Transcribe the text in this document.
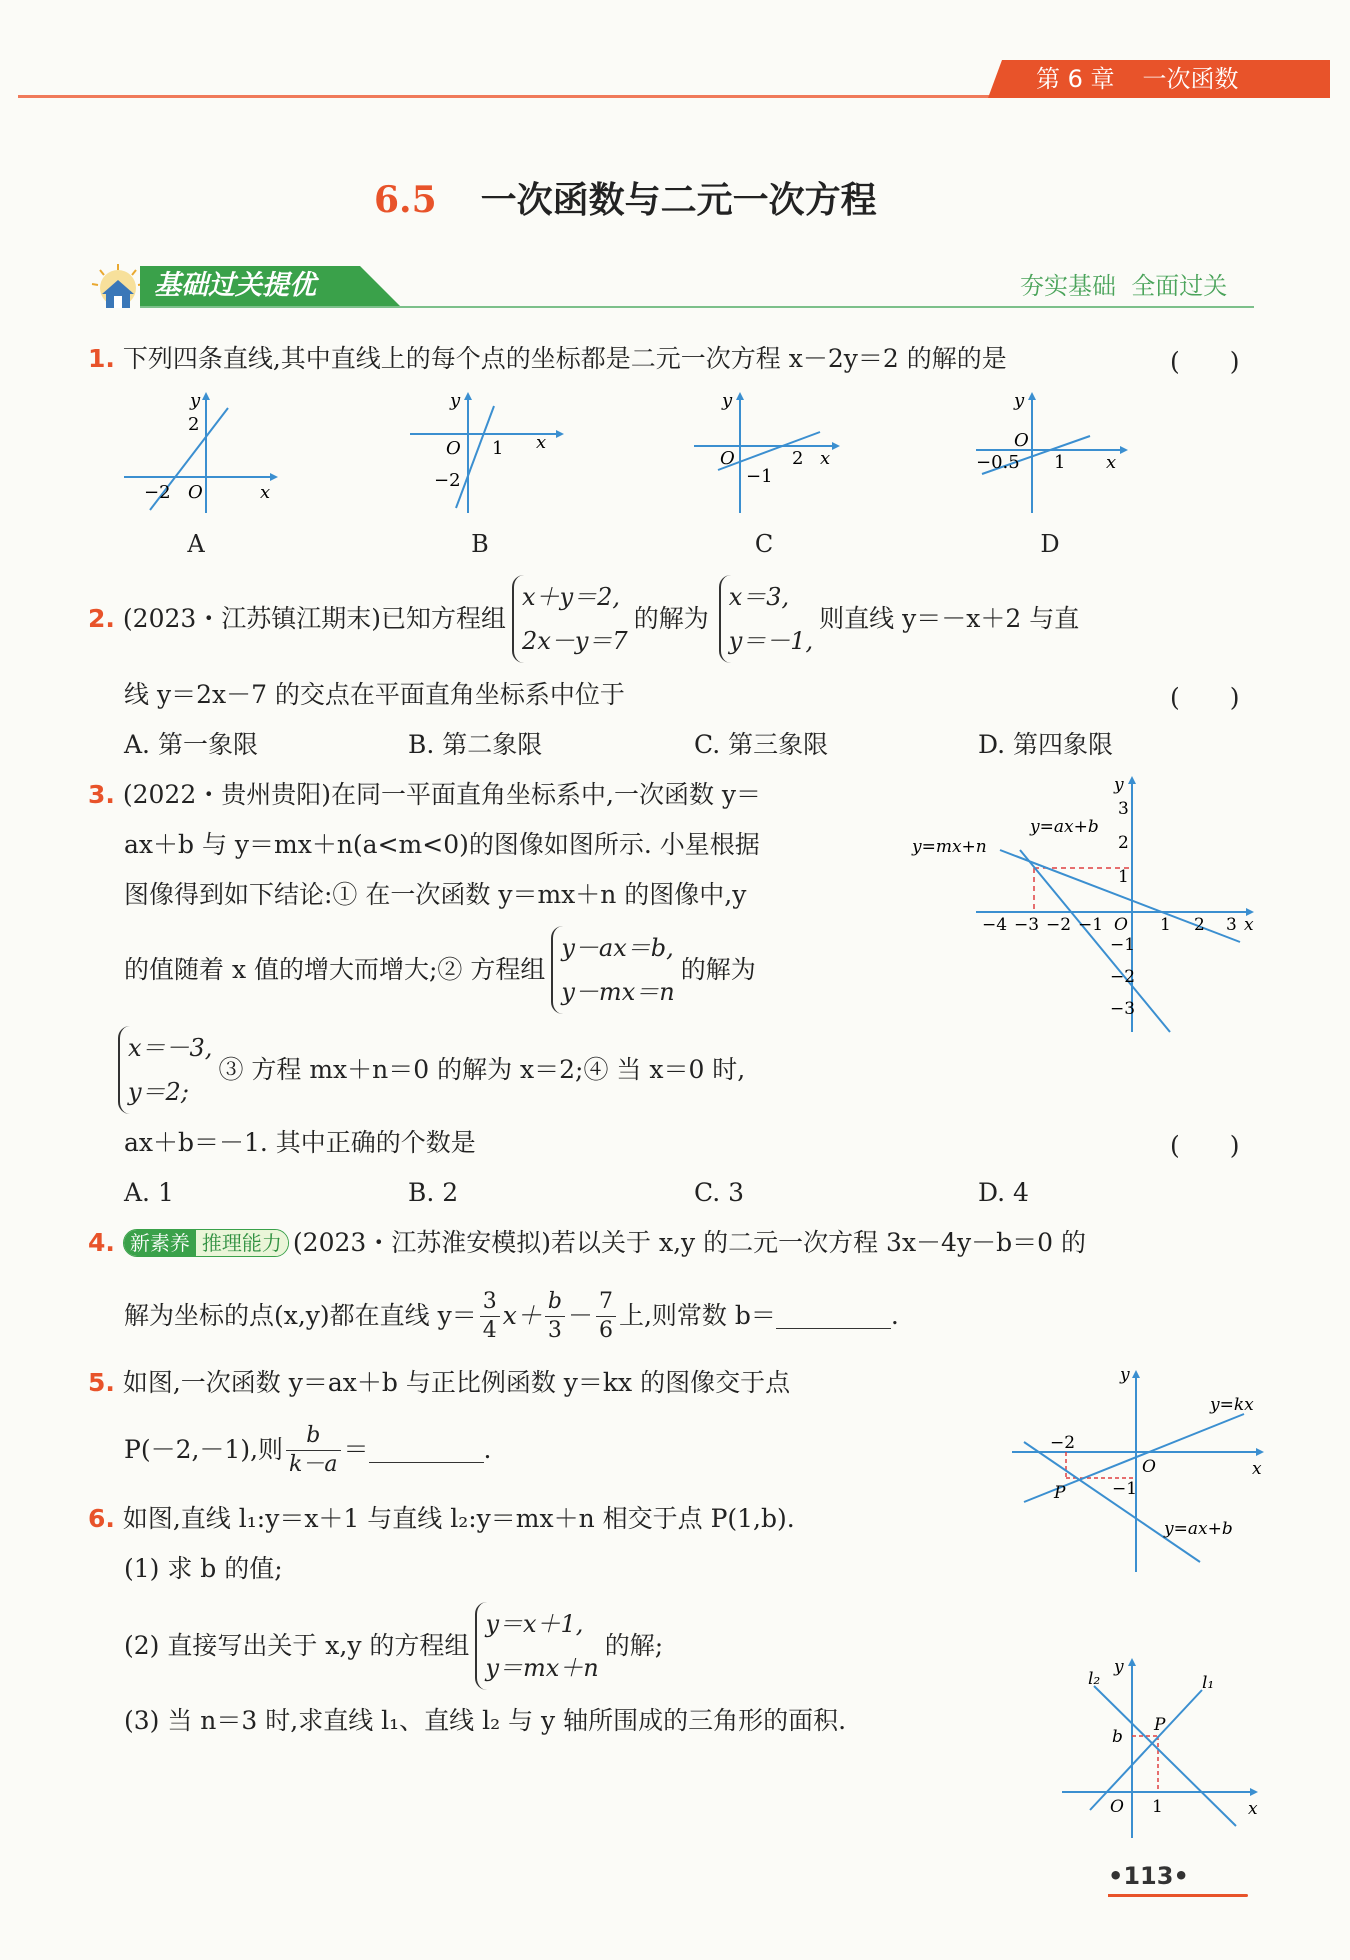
第 6 章 一次函数
6.5 一次函数与二元一次方程
基础过关提优	夯实基础  全面过关
1. 下列四条直线,其中直线上的每个点的坐标都是二元一次方程 x－2y＝2 的解的是	(　　)
y
x
2
−2 O
y
x
O 1
−2
y
x
O	2
−1
y
x
O
−0.5 1
A	B	C	D
2. (2023・江苏镇江期末)已知方程组
x＋y＝2,
2x－y＝7
的解为
x＝3,
y＝－1,
则直线 y＝－x＋2 与直
线 y＝2x－7 的交点在平面直角坐标系中位于	(　　)
A. 第一象限	B. 第二象限	C. 第三象限	D. 第四象限
3. (2022・贵州贵阳)在同一平面直角坐标系中,一次函数 y＝
ax＋b 与 y＝mx＋n(a<m<0)的图像如图所示. 小星根据
图像得到如下结论:① 在一次函数 y＝mx＋n 的图像中,y
的值随着 x 值的增大而增大;② 方程组
y－ax＝b,
y－mx＝n
的解为
x＝－3,
y＝2;
③ 方程 mx＋n＝0 的解为 x＝2;④ 当 x＝0 时,
ax＋b＝－1. 其中正确的个数是	(　　)
A. 1	B. 2	C. 3	D. 4
y
x
O
y=ax+b
y=mx+n
−4 −3 −2 −1	1 2 3
3
2
1
−1
−2
−3
4. 新素养 推理能力 (2023・江苏淮安模拟)若以关于 x,y 的二元一次方程 3x－4y－b＝0 的
解为坐标的点(x,y)都在直线 $y= \frac{3}{4} x+ \frac{b}{3} - \frac{7}{6}$ 上,则常数 b＝	.
5. 如图,一次函数 y＝ax＋b 与正比例函数 y＝kx 的图像交于点
P(－2,－1),则 $\frac{b}{k-a}$ ＝	.
y
x
O
y=kx
y=ax+b
P
−2
−1
6. 如图,直线 l₁:y＝x＋1 与直线 l₂:y＝mx＋n 相交于点 P(1,b).
(1) 求 b 的值;
(2) 直接写出关于 x,y 的方程组
y＝x＋1,
y＝mx＋n
的解;
(3) 当 n＝3 时,求直线 l₁、直线 l₂ 与 y 轴所围成的三角形的面积.
y
x
O 1
b
P
l₁
l₂
•113•
